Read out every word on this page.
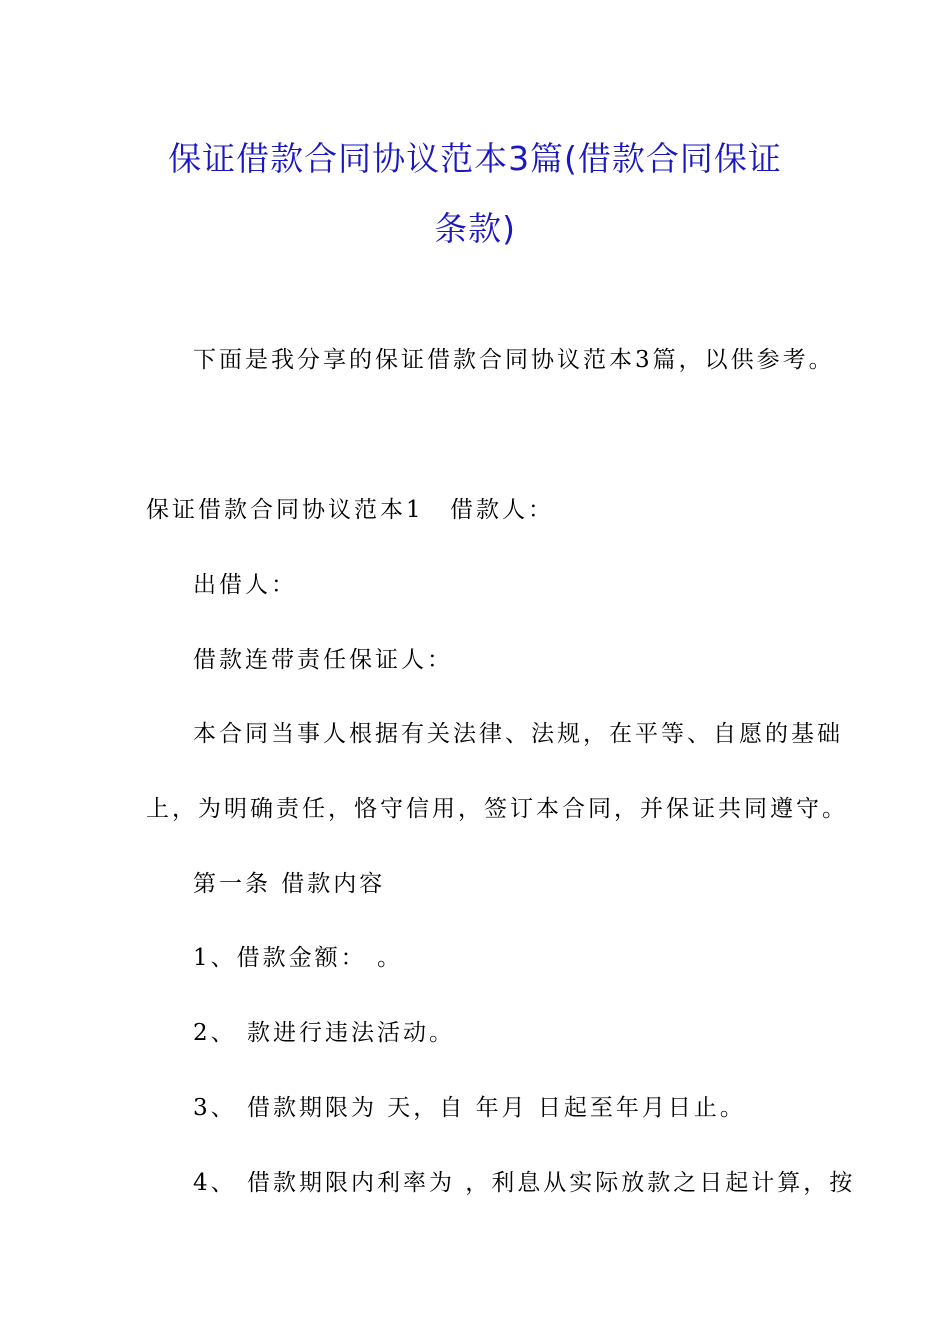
保证借款合同协议范本3篇(借款合同保证
条款)
下面是我分享的保证借款合同协议范本3篇，以供参考。
保证借款合同协议范本1 借款人：
出借人：
借款连带责任保证人：
本合同当事人根据有关法律、法规，在平等、自愿的基础
上，为明确责任，恪守信用，签订本合同，并保证共同遵守。
第一条 借款内容
1、借款金额： 。
2、 款进行违法活动。
3、 借款期限为 天，自 年月 日起至年月日止。
4、 借款期限内利率为 ，利息从实际放款之日起计算，按
